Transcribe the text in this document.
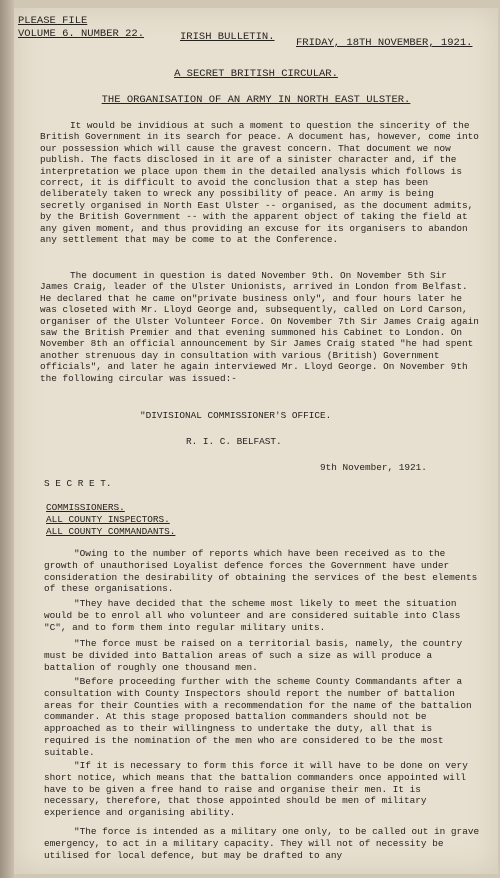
PLEASE FILE
VOLUME 6. NUMBER 22.	IRISH BULLETIN. FRIDAY, 18TH NOVEMBER, 1921.
A SECRET BRITISH CIRCULAR.
THE ORGANISATION OF AN ARMY IN NORTH EAST ULSTER.

It would be invidious at such a moment to question the sincerity of the British Government in its search for peace. A document has, however, come into our possession which will cause the gravest concern. That document we now publish. The facts disclosed in it are of a sinister character and, if the interpretation we place upon them in the detailed analysis which follows is correct, it is difficult to avoid the conclusion that a step has been deliberately taken to wreck any possibility of peace. An army is being secretly organised in North East Ulster -- organised, as the document admits, by the British Government -- with the apparent object of taking the field at any given moment, and thus providing an excuse for its organisers to abandon any settlement that may be come to at the Conference.

The document in question is dated November 9th. On November 5th Sir James Craig, leader of the Ulster Unionists, arrived in London from Belfast. He declared that he came on"private business only", and four hours later he was closeted with Mr. Lloyd George and, subsequently, called on Lord Carson, organiser of the Ulster Volunteer Force. On November 7th Sir James Craig again saw the British Premier and that evening summoned his Cabinet to London. On November 8th an official announcement by Sir James Craig stated "he had spent another strenuous day in consultation with various (British) Government officials", and later he again interviewed Mr. Lloyd George. On November 9th the following circular was issued:-

"DIVISIONAL COMMISSIONER'S OFFICE.
R. I. C. BELFAST.
9th November, 1921.
S E C R E T.
COMMISSIONERS.
ALL COUNTY INSPECTORS.
ALL COUNTY COMMANDANTS.

"Owing to the number of reports which have been received as to the growth of unauthorised Loyalist defence forces the Government have under consideration the desirability of obtaining the services of the best elements of these organisations.

"They have decided that the scheme most likely to meet the situation would be to enrol all who volunteer and are considered suitable into Class "C", and to form them into regular military units.

"The force must be raised on a territorial basis, namely, the country must be divided into Battalion areas of such a size as will produce a battalion of roughly one thousand men.

"Before proceeding further with the scheme County Commandants after a consultation with County Inspectors should report the number of battalion areas for their Counties with a recommendation for the name of the battalion commander. At this stage proposed battalion commanders should not be approached as to their willingness to undertake the duty, all that is required is the nomination of the men who are considered to be the most suitable.

"If it is necessary to form this force it will have to be done on very short notice, which means that the battalion commanders once appointed will have to be given a free hand to raise and organise their men. It is necessary, therefore, that those appointed should be men of military experience and organising ability.

"The force is intended as a military one only, to be called out in grave emergency, to act in a military capacity. They will not of necessity be utilised for local defence, but may be drafted to any
